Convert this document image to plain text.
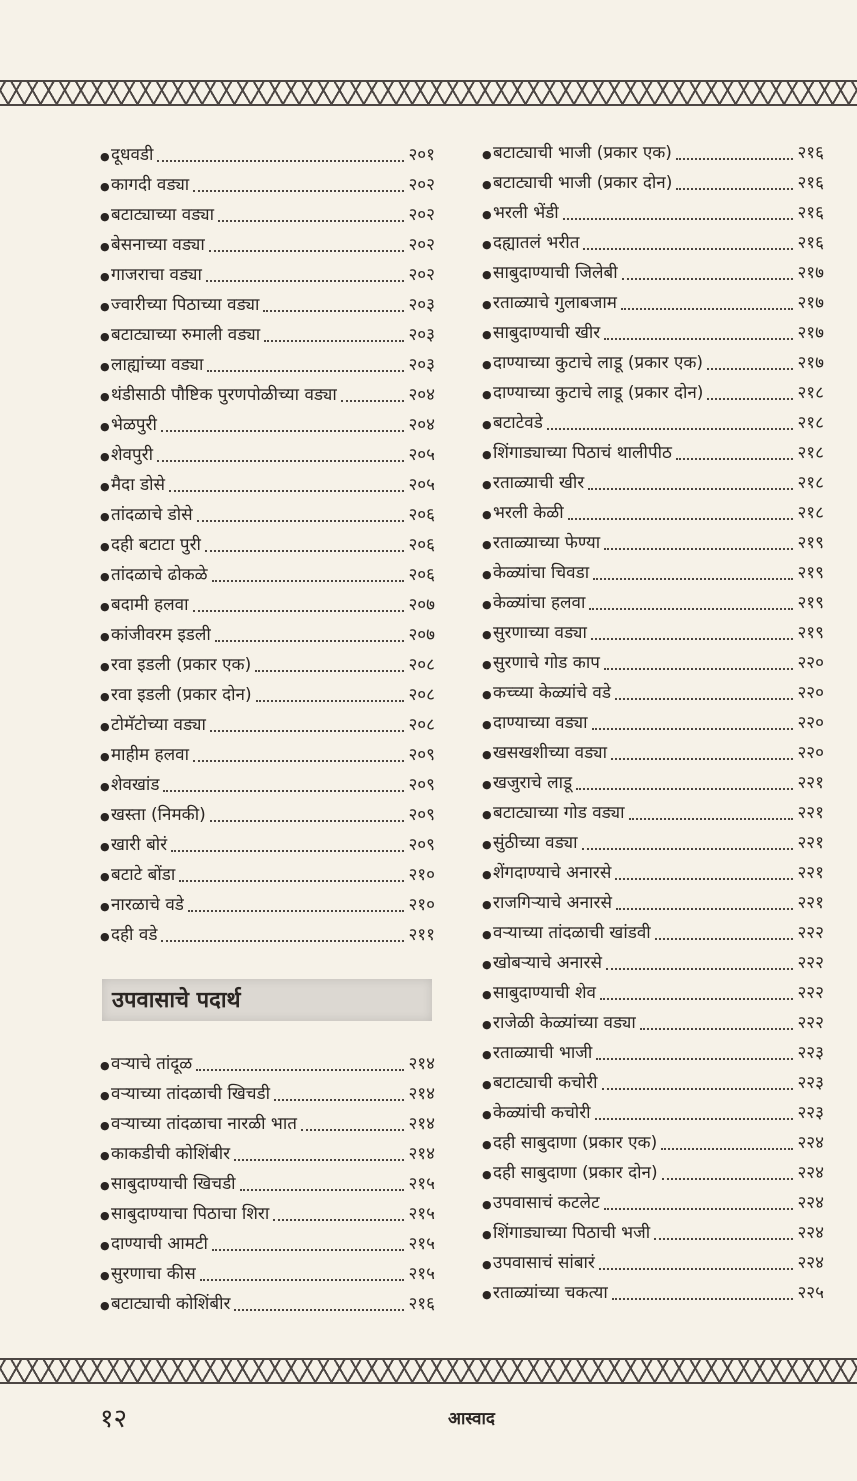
● दूधवडी	२०१
● कागदी वड्या	२०२
● बटाट्याच्या वड्या	२०२
● बेसनाच्या वड्या	२०२
● गाजराचा वड्या	२०२
● ज्वारीच्या पिठाच्या वड्या	२०३
● बटाट्याच्या रुमाली वड्या	२०३
● लाह्यांच्या वड्या	२०३
● थंडीसाठी पौष्टिक पुरणपोळीच्या वड्या	२०४
● भेळपुरी	२०४
● शेवपुरी	२०५
● मैदा डोसे	२०५
● तांदळाचे डोसे	२०६
● दही बटाटा पुरी	२०६
● तांदळाचे ढोकळे	२०६
● बदामी हलवा	२०७
● कांजीवरम इडली	२०७
● रवा इडली (प्रकार एक)	२०८
● रवा इडली (प्रकार दोन)	२०८
● टोमॅटोच्या वड्या	२०८
● माहीम हलवा	२०९
● शेवखांड	२०९
● खस्ता (निमकी)	२०९
● खारी बोरं	२०९
● बटाटे बोंडा	२१०
● नारळाचे वडे	२१०
● दही वडे	२११
उपवासाचे पदार्थ
● वऱ्याचे तांदूळ	२१४
● वऱ्याच्या तांदळाची खिचडी	२१४
● वऱ्याच्या तांदळाचा नारळी भात	२१४
● काकडीची कोशिंबीर	२१४
● साबुदाण्याची खिचडी	२१५
● साबुदाण्याचा पिठाचा शिरा	२१५
● दाण्याची आमटी	२१५
● सुरणाचा कीस	२१५
● बटाट्याची कोशिंबीर	२१६
● बटाट्याची भाजी (प्रकार एक)	२१६
● बटाट्याची भाजी (प्रकार दोन)	२१६
● भरली भेंडी	२१६
● दह्यातलं भरीत	२१६
● साबुदाण्याची जिलेबी	२१७
● रताळ्याचे गुलाबजाम	२१७
● साबुदाण्याची खीर	२१७
● दाण्याच्या कुटाचे लाडू (प्रकार एक)	२१७
● दाण्याच्या कुटाचे लाडू (प्रकार दोन)	२१८
● बटाटेवडे	२१८
● शिंगाड्याच्या पिठाचं थालीपीठ	२१८
● रताळ्याची खीर	२१८
● भरली केळी	२१८
● रताळ्याच्या फेण्या	२१९
● केळ्यांचा चिवडा	२१९
● केळ्यांचा हलवा	२१९
● सुरणाच्या वड्या	२१९
● सुरणाचे गोड काप	२२०
● कच्च्या केळ्यांचे वडे	२२०
● दाण्याच्या वड्या	२२०
● खसखशीच्या वड्या	२२०
● खजुराचे लाडू	२२१
● बटाट्याच्या गोड वड्या	२२१
● सुंठीच्या वड्या	२२१
● शेंगदाण्याचे अनारसे	२२१
● राजगिऱ्याचे अनारसे	२२१
● वऱ्याच्या तांदळाची खांडवी	२२२
● खोबऱ्याचे अनारसे	२२२
● साबुदाण्याची शेव	२२२
● राजेळी केळ्यांच्या वड्या	२२२
● रताळ्याची भाजी	२२३
● बटाट्याची कचोरी	२२३
● केळ्यांची कचोरी	२२३
● दही साबुदाणा (प्रकार एक)	२२४
● दही साबुदाणा (प्रकार दोन)	२२४
● उपवासाचं कटलेट	२२४
● शिंगाड्याच्या पिठाची भजी	२२४
● उपवासाचं सांबारं	२२४
● रताळ्यांच्या चकत्या	२२५
१२	आस्वाद
